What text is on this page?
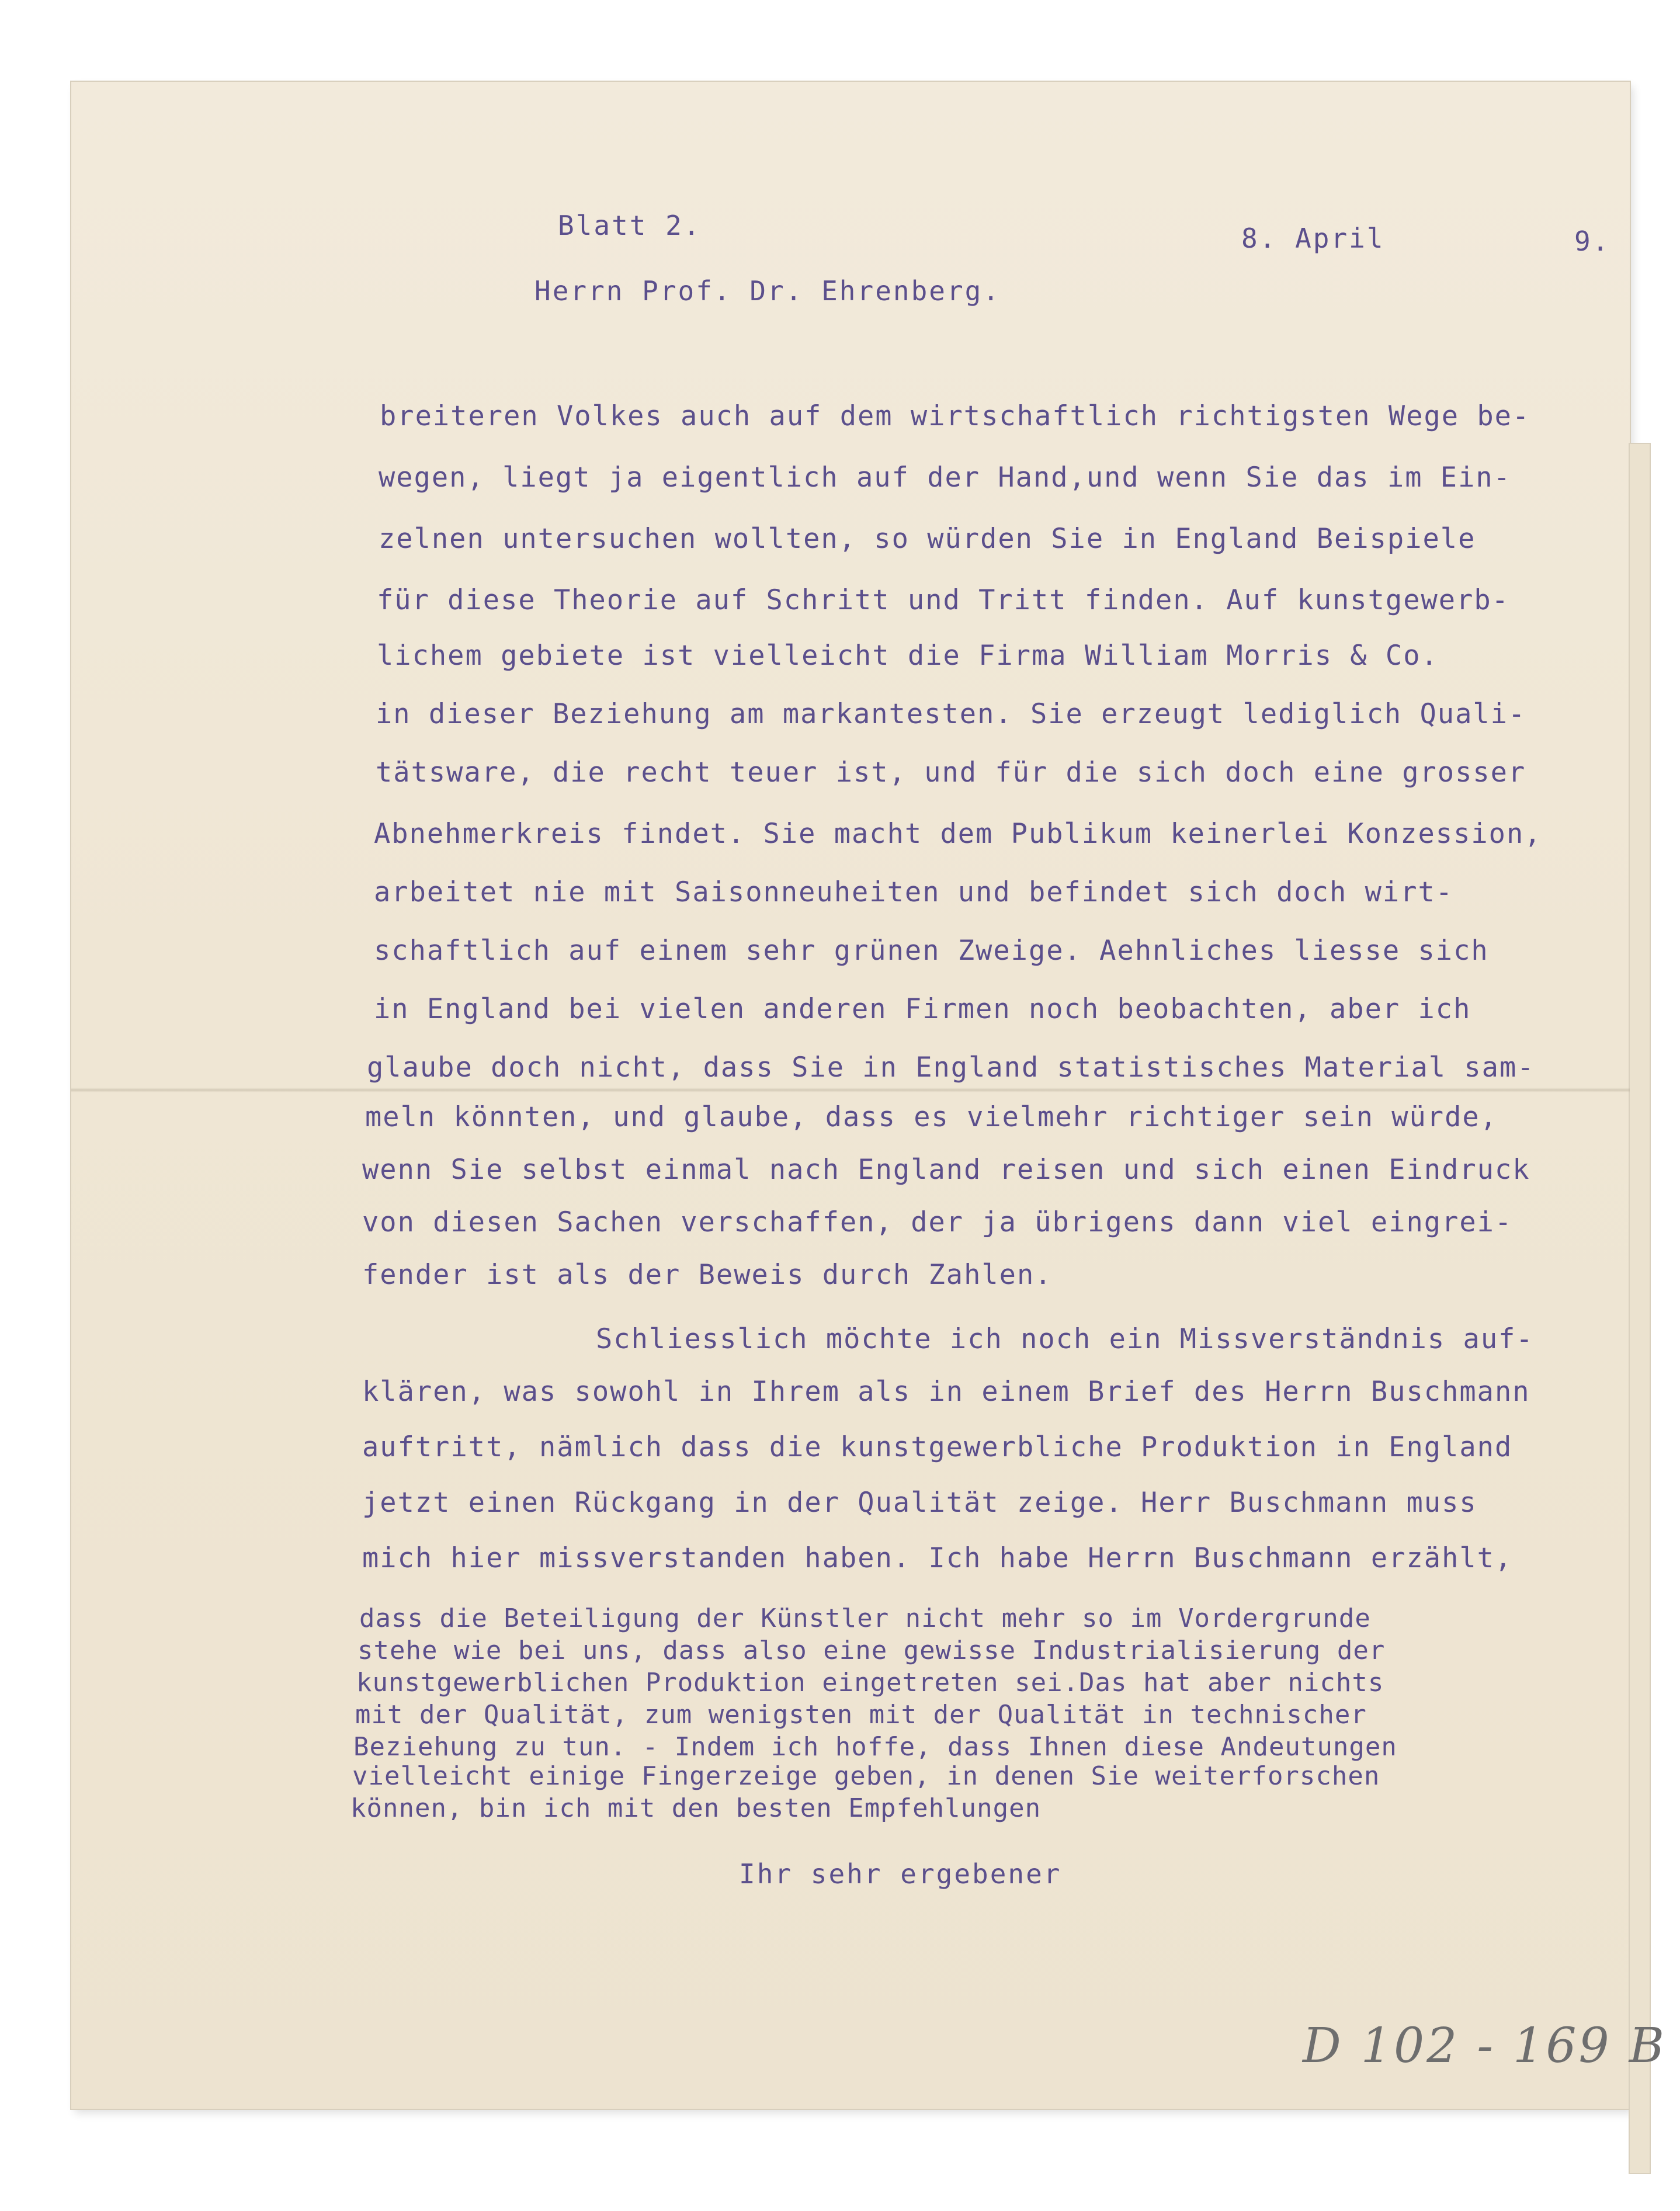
Blatt 2.	8. April	9.
Herrn Prof. Dr. Ehrenberg.
breiteren Volkes auch auf dem wirtschaftlich richtigsten Wege be-
wegen, liegt ja eigentlich auf der Hand,und wenn Sie das im Ein-
zelnen untersuchen wollten, so würden Sie in England Beispiele
für diese Theorie auf Schritt und Tritt finden. Auf kunstgewerb-
lichem gebiete ist vielleicht die Firma William Morris & Co.
in dieser Beziehung am markantesten. Sie erzeugt lediglich Quali-
tätsware, die recht teuer ist, und für die sich doch eine grosser
Abnehmerkreis findet. Sie macht dem Publikum keinerlei Konzession,
arbeitet nie mit Saisonneuheiten und befindet sich doch wirt-
schaftlich auf einem sehr grünen Zweige. Aehnliches liesse sich
in England bei vielen anderen Firmen noch beobachten, aber ich
glaube doch nicht, dass Sie in England statistisches Material sam-
meln könnten, und glaube, dass es vielmehr richtiger sein würde,
wenn Sie selbst einmal nach England reisen und sich einen Eindruck
von diesen Sachen verschaffen, der ja übrigens dann viel eingrei-
fender ist als der Beweis durch Zahlen.
Schliesslich möchte ich noch ein Missverständnis auf-
klären, was sowohl in Ihrem als in einem Brief des Herrn Buschmann
auftritt, nämlich dass die kunstgewerbliche Produktion in England
jetzt einen Rückgang in der Qualität zeige. Herr Buschmann muss
mich hier missverstanden haben. Ich habe Herrn Buschmann erzählt,
dass die Beteiligung der Künstler nicht mehr so im Vordergrunde
stehe wie bei uns, dass also eine gewisse Industrialisierung der
kunstgewerblichen Produktion eingetreten sei.Das hat aber nichts
mit der Qualität, zum wenigsten mit der Qualität in technischer
Beziehung zu tun. - Indem ich hoffe, dass Ihnen diese Andeutungen
vielleicht einige Fingerzeige geben, in denen Sie weiterforschen
können, bin ich mit den besten Empfehlungen
Ihr sehr ergebener
D 102 - 169 B
